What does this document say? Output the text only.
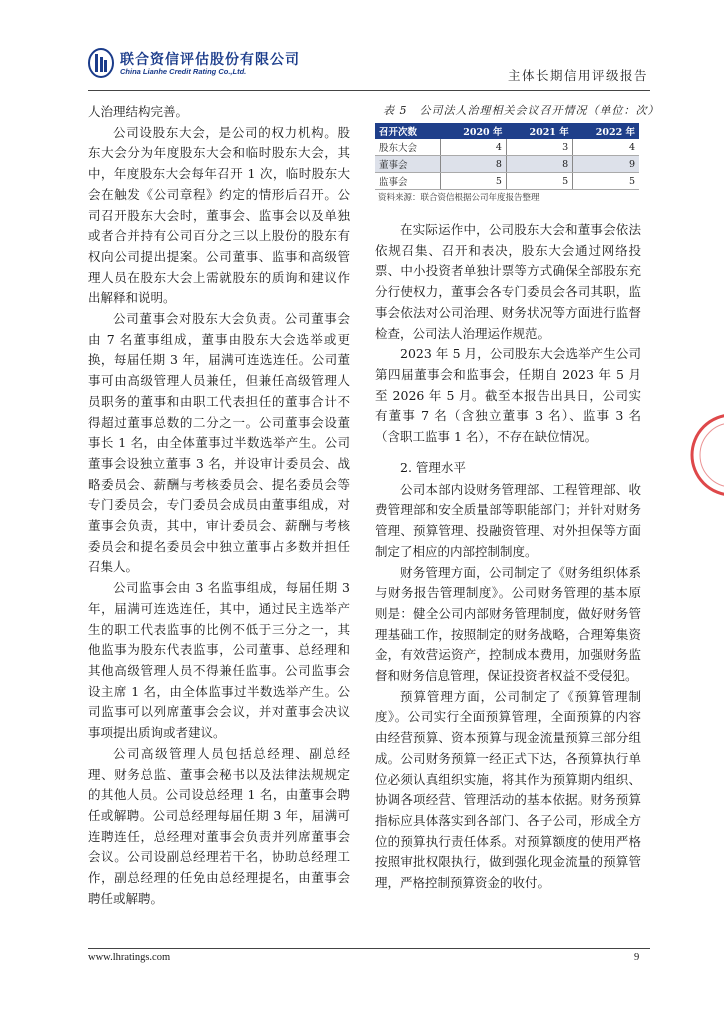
联合资信评估股份有限公司
China Lianhe Credit Rating Co.,Ltd.	主体长期信用评级报告

人治理结构完善。

公司设股东大会，是公司的权力机构。股东大会分为年度股东大会和临时股东大会，其中，年度股东大会每年召开 1 次，临时股东大会在触发《公司章程》约定的情形后召开。公司召开股东大会时，董事会、监事会以及单独或者合并持有公司百分之三以上股份的股东有权向公司提出提案。公司董事、监事和高级管理人员在股东大会上需就股东的质询和建议作出解释和说明。

公司董事会对股东大会负责。公司董事会由 7 名董事组成，董事由股东大会选举或更换，每届任期 3 年，届满可连选连任。公司董事可由高级管理人员兼任，但兼任高级管理人员职务的董事和由职工代表担任的董事合计不得超过董事总数的二分之一。公司董事会设董事长 1 名，由全体董事过半数选举产生。公司董事会设独立董事 3 名，并设审计委员会、战略委员会、薪酬与考核委员会、提名委员会等专门委员会，专门委员会成员由董事组成，对董事会负责，其中，审计委员会、薪酬与考核委员会和提名委员会中独立董事占多数并担任召集人。

公司监事会由 3 名监事组成，每届任期 3 年，届满可连选连任，其中，通过民主选举产生的职工代表监事的比例不低于三分之一，其他监事为股东代表监事，公司董事、总经理和其他高级管理人员不得兼任监事。公司监事会设主席 1 名，由全体监事过半数选举产生。公司监事可以列席董事会会议，并对董事会决议事项提出质询或者建议。

公司高级管理人员包括总经理、副总经理、财务总监、董事会秘书以及法律法规规定的其他人员。公司设总经理 1 名，由董事会聘任或解聘。公司总经理每届任期 3 年，届满可连聘连任，总经理对董事会负责并列席董事会会议。公司设副总经理若干名，协助总经理工作，副总经理的任免由总经理提名，由董事会聘任或解聘。

表 5　公司法人治理相关会议召开情况（单位：次）
召开次数	2020 年	2021 年	2022 年
股东大会	4	3	4
董事会	8	8	9
监事会	5	5	5
资料来源：联合资信根据公司年度报告整理

在实际运作中，公司股东大会和董事会依法依规召集、召开和表决，股东大会通过网络投票、中小投资者单独计票等方式确保全部股东充分行使权力，董事会各专门委员会各司其职，监事会依法对公司治理、财务状况等方面进行监督检查，公司法人治理运作规范。

2023 年 5 月，公司股东大会选举产生公司第四届董事会和监事会，任期自 2023 年 5 月至 2026 年 5 月。截至本报告出具日，公司实有董事 7 名（含独立董事 3 名）、监事 3 名（含职工监事 1 名），不存在缺位情况。

2. 管理水平

公司本部内设财务管理部、工程管理部、收费管理部和安全质量部等职能部门；并针对财务管理、预算管理、投融资管理、对外担保等方面制定了相应的内部控制制度。

财务管理方面，公司制定了《财务组织体系与财务报告管理制度》。公司财务管理的基本原则是：健全公司内部财务管理制度，做好财务管理基础工作，按照制定的财务战略，合理筹集资金，有效营运资产，控制成本费用，加强财务监督和财务信息管理，保证投资者权益不受侵犯。

预算管理方面，公司制定了《预算管理制度》。公司实行全面预算管理，全面预算的内容由经营预算、资本预算与现金流量预算三部分组成。公司财务预算一经正式下达，各预算执行单位必须认真组织实施，将其作为预算期内组织、协调各项经营、管理活动的基本依据。财务预算指标应具体落实到各部门、各子公司，形成全方位的预算执行责任体系。对预算额度的使用严格按照审批权限执行，做到强化现金流量的预算管理，严格控制预算资金的收付。

www.lhratings.com	9
